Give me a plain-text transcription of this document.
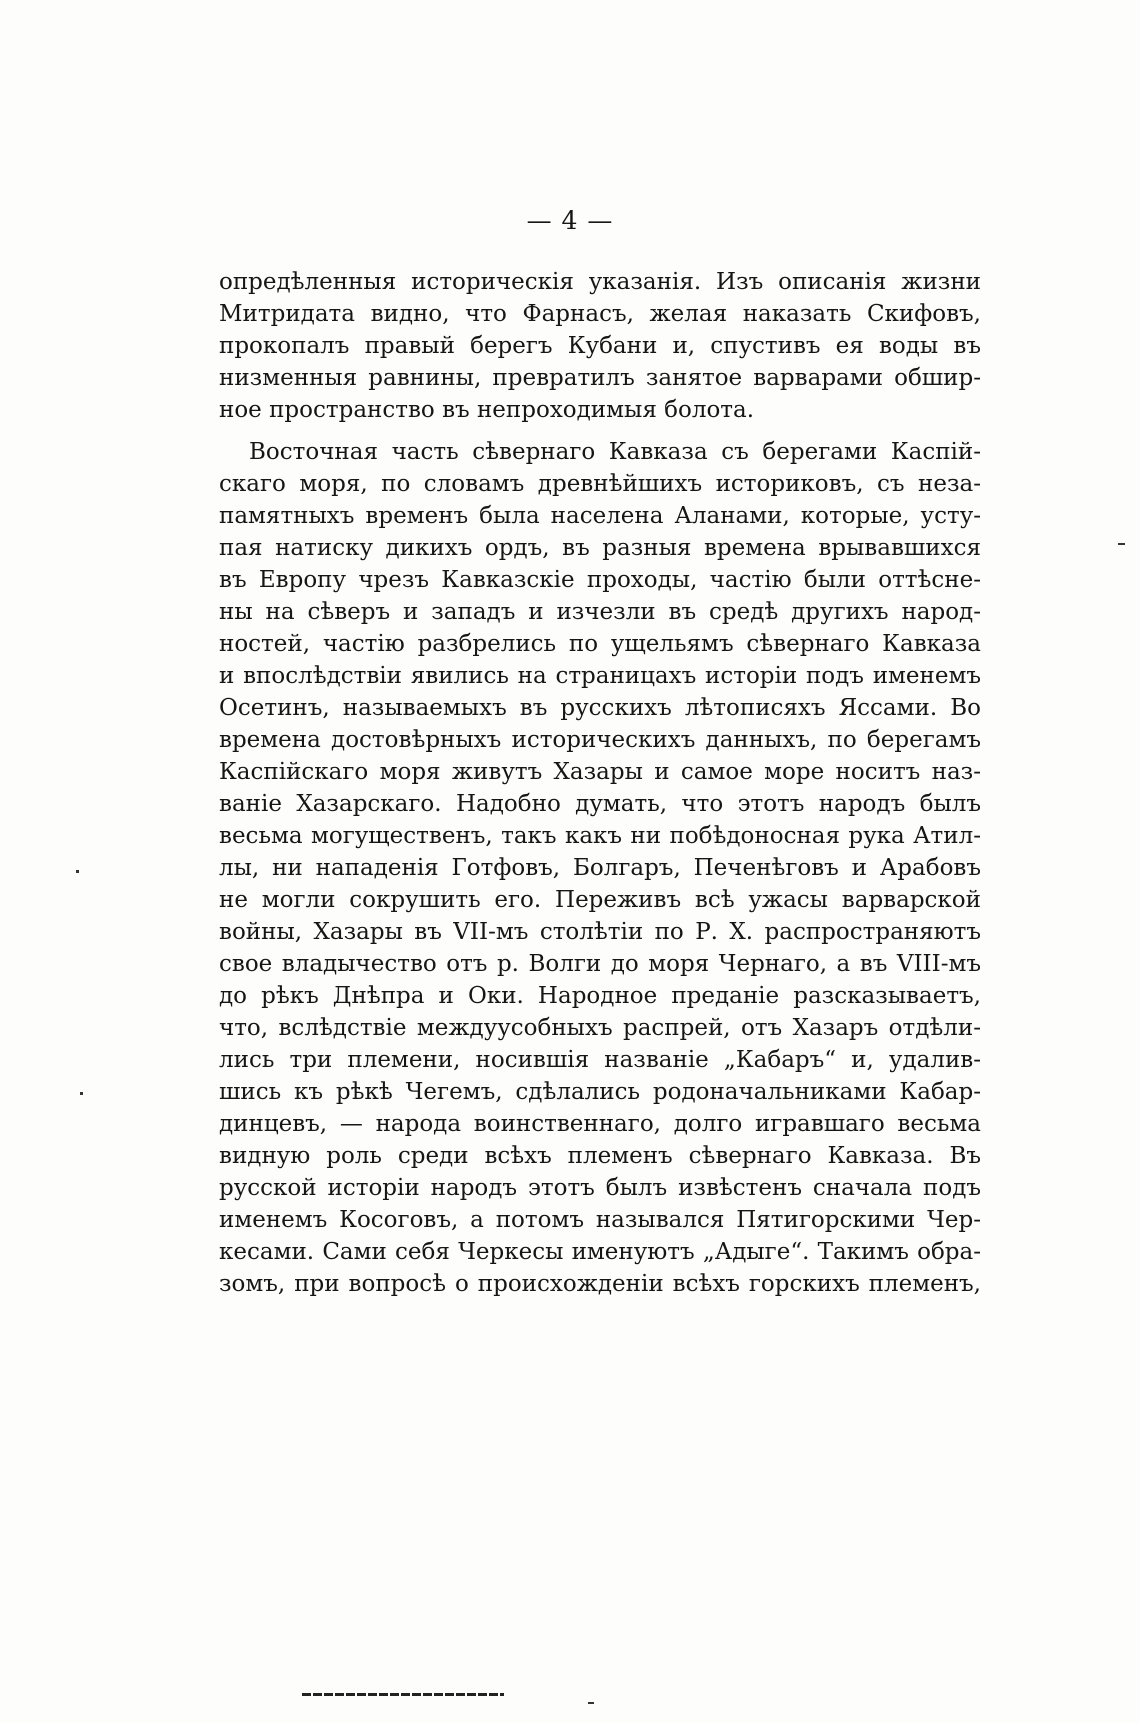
— 4 —
опредѣленныя историческія указанія. Изъ описанія жизни
Митридата видно, что Фарнасъ, желая наказать Скифовъ,
прокопалъ правый берегъ Кубани и, спустивъ ея воды въ
низменныя равнины, превратилъ занятое варварами обшир-
ное пространство въ непроходимыя болота.
Восточная часть сѣвернаго Кавказа съ берегами Каспій-
скаго моря, по словамъ древнѣйшихъ историковъ, съ неза-
памятныхъ временъ была населена Аланами, которые, усту-
пая натиску дикихъ ордъ, въ разныя времена врывавшихся
въ Европу чрезъ Кавказскіе проходы, частію были оттѣсне-
ны на сѣверъ и западъ и изчезли въ средѣ другихъ народ-
ностей, частію разбрелись по ущельямъ сѣвернаго Кавказа
и впослѣдствіи явились на страницахъ исторіи подъ именемъ
Осетинъ, называемыхъ въ русскихъ лѣтописяхъ Яссами. Во
времена достовѣрныхъ историческихъ данныхъ, по берегамъ
Каспійскаго моря живутъ Хазары и самое море носитъ наз-
ваніе Хазарскаго. Надобно думать, что этотъ народъ былъ
весьма могущественъ, такъ какъ ни побѣдоносная рука Атил-
лы, ни нападенія Готфовъ, Болгаръ, Печенѣговъ и Арабовъ
не могли сокрушить его. Переживъ всѣ ужасы варварской
войны, Хазары въ VII-мъ столѣтіи по Р. Х. распространяютъ
свое владычество отъ р. Волги до моря Чернаго, а въ VIII-мъ
до рѣкъ Днѣпра и Оки. Народное преданіе разсказываетъ,
что, вслѣдствіе междуусобныхъ распрей, отъ Хазаръ отдѣли-
лись три племени, носившія названіе „Кабаръ“ и, удалив-
шись къ рѣкѣ Чегемъ, сдѣлались родоначальниками Кабар-
динцевъ, — народа воинственнаго, долго игравшаго весьма
видную роль среди всѣхъ племенъ сѣвернаго Кавказа. Въ
русской исторіи народъ этотъ былъ извѣстенъ сначала подъ
именемъ Косоговъ, а потомъ назывался Пятигорскими Чер-
кесами. Сами себя Черкесы именуютъ „Адыге“. Такимъ обра-
зомъ, при вопросѣ о происхожденіи всѣхъ горскихъ племенъ,
